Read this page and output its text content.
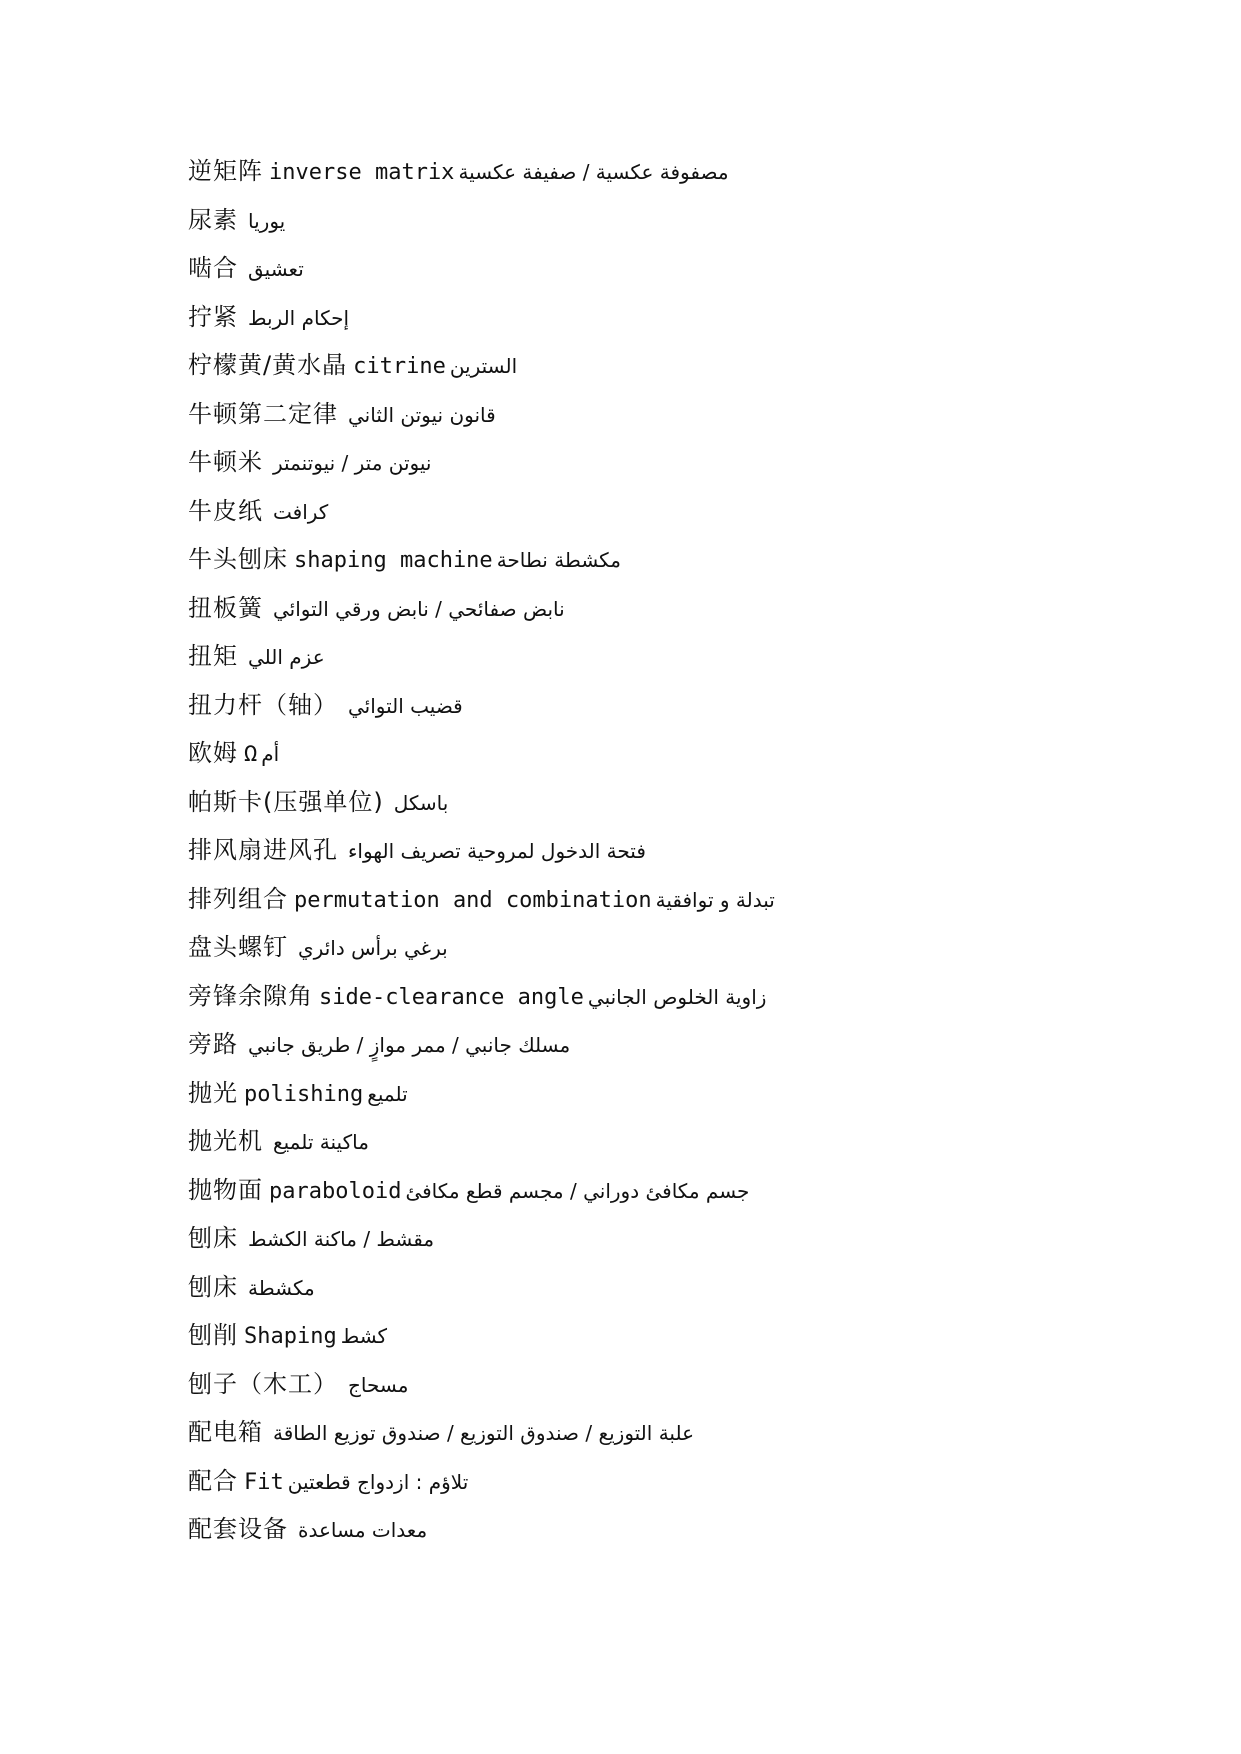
逆矩阵 inverse matrix مصفوفة عكسية / صفيفة عكسية
尿素 يوريا
啮合 تعشيق
拧紧 إحكام الربط
柠檬黄/黄水晶 citrine السترين
牛顿第二定律 قانون نيوتن الثاني
牛顿米 نيوتن متر / نيوتنمتر
牛皮纸 كرافت
牛头刨床 shaping machine مكشطة نطاحة
扭板簧 نابض صفائحي / نابض ورقي التوائي
扭矩 عزم اللي
扭力杆（轴） قضيب التوائي
欧姆 Ω أم
帕斯卡(压强单位) باسكل
排风扇进风孔 فتحة الدخول لمروحية تصريف الهواء
排列组合 permutation and combination تبدلة و توافقية
盘头螺钉 برغي برأس دائري
旁锋余隙角 side-clearance angle زاوية الخلوص الجانبي
旁路 مسلك جانبي / ممر موازٍ / طريق جانبي
抛光 polishing تلميع
抛光机 ماكينة تلميع
抛物面 paraboloid جسم مكافئ دوراني / مجسم قطع مكافئ
刨床 مقشط / ماكنة الكشط
刨床 مكشطة
刨削 Shaping كشط
刨子（木工） مسحاج
配电箱 علبة التوزيع / صندوق التوزيع / صندوق توزيع الطاقة
配合 Fit تلاؤم : ازدواج قطعتين
配套设备 معدات مساعدة
